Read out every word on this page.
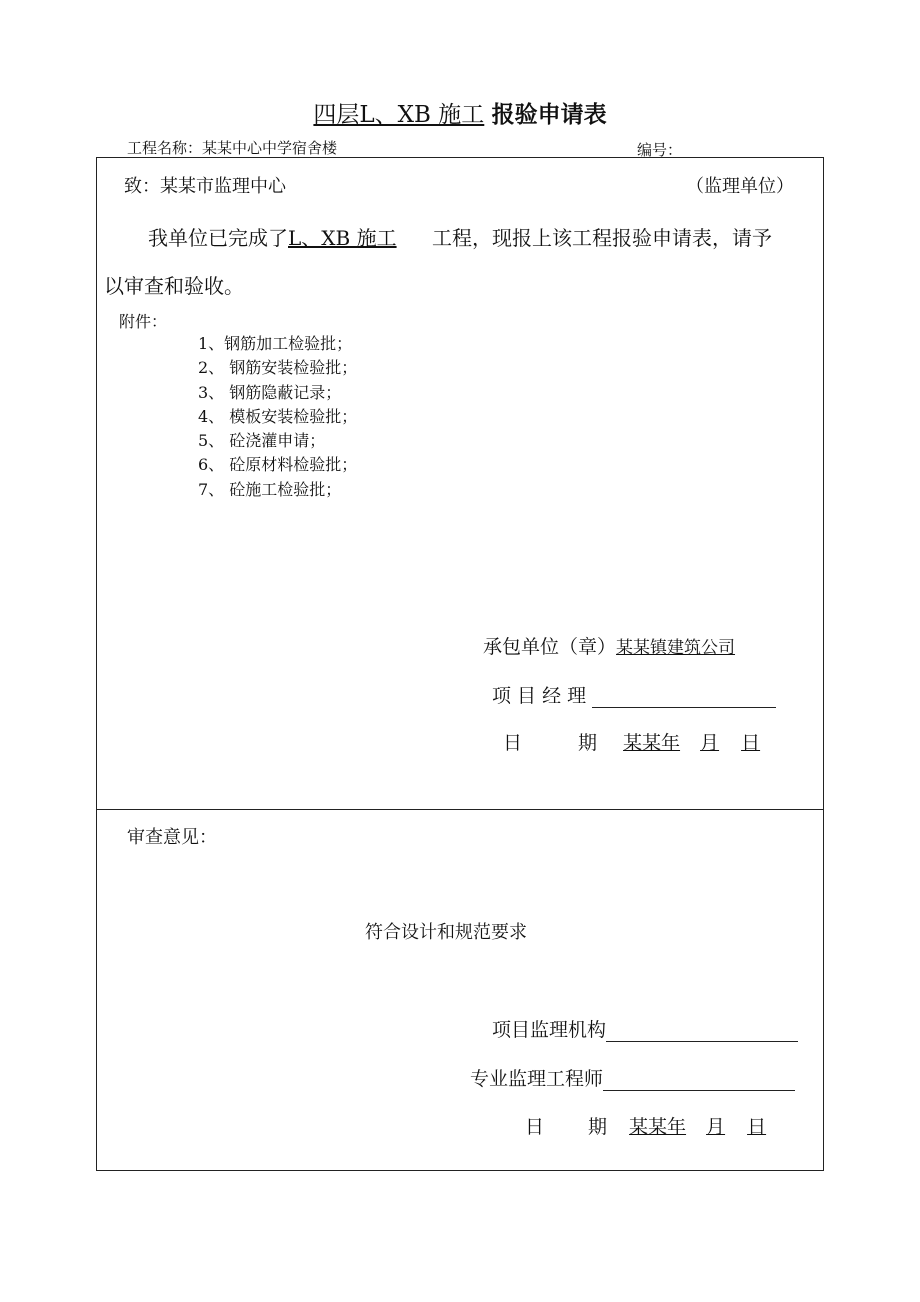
四层L、XB 施工 报验申请表
工程名称：某某中心中学宿舍楼	编号：
致：某某市监理中心	（监理单位）
我单位已完成了L、XB 施工工程，现报上该工程报验申请表，请予
以审查和验收。
附件：
1、钢筋加工检验批；
2、 钢筋安装检验批；
3、 钢筋隐蔽记录；
4、 模板安装检验批；
5、 砼浇灌申请；
6、 砼原材料检验批；
7、 砼施工检验批；
承包单位（章）某某镇建筑公司
项 目 经 理
日	期 某某年 月 日
审查意见：
符合设计和规范要求
项目监理机构
专业监理工程师
日 期 某某年 月 日
